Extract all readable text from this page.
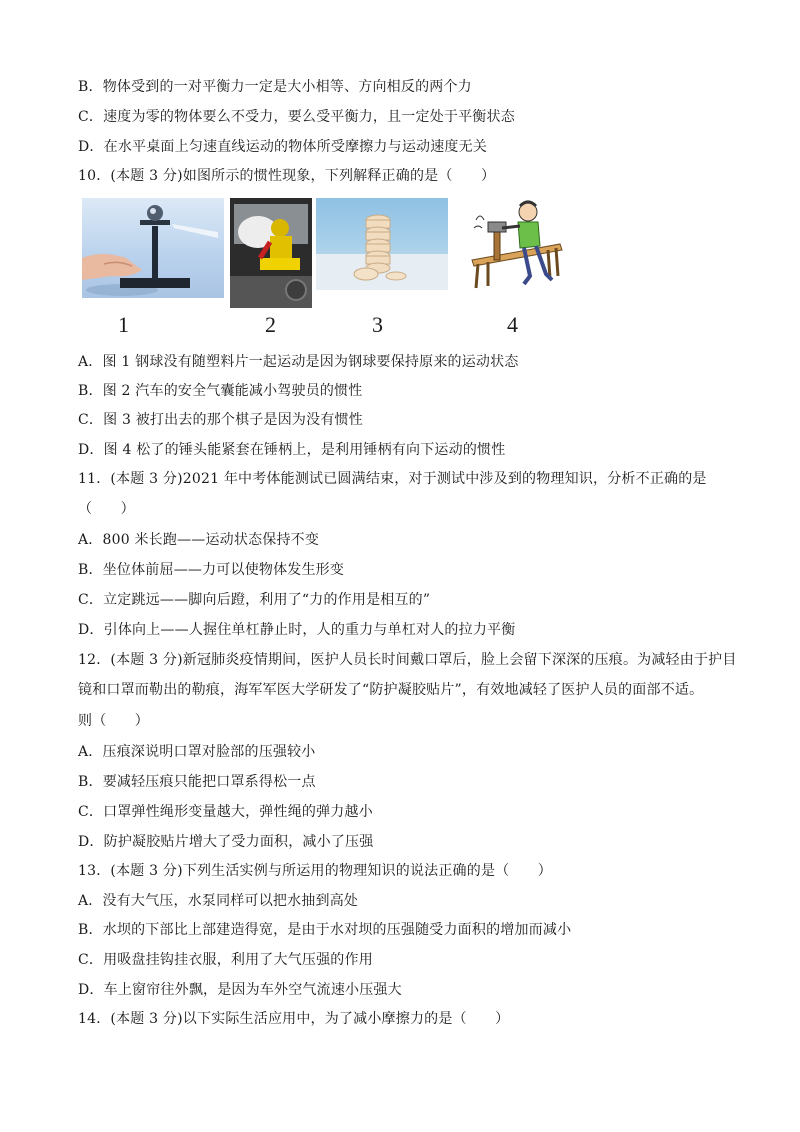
B．物体受到的一对平衡力一定是大小相等、方向相反的两个力
C．速度为零的物体要么不受力，要么受平衡力，且一定处于平衡状态
D．在水平桌面上匀速直线运动的物体所受摩擦力与运动速度无关
10．(本题 3 分)如图所示的惯性现象，下列解释正确的是（　　）
1	2	3	4
A．图 1 钢球没有随塑料片一起运动是因为钢球要保持原来的运动状态
B．图 2 汽车的安全气囊能减小驾驶员的惯性
C．图 3 被打出去的那个棋子是因为没有惯性
D．图 4 松了的锤头能紧套在锤柄上，是利用锤柄有向下运动的惯性
11．(本题 3 分)2021 年中考体能测试已圆满结束，对于测试中涉及到的物理知识，分析不正确的是
（　　）
A．800 米长跑——运动状态保持不变
B．坐位体前屈——力可以使物体发生形变
C．立定跳远——脚向后蹬，利用了“力的作用是相互的”
D．引体向上——人握住单杠静止时，人的重力与单杠对人的拉力平衡
12．(本题 3 分)新冠肺炎疫情期间，医护人员长时间戴口罩后，脸上会留下深深的压痕。为减轻由于护目
镜和口罩而勒出的勒痕，海军军医大学研发了“防护凝胶贴片”，有效地减轻了医护人员的面部不适。
则（　　）
A．压痕深说明口罩对脸部的压强较小
B．要减轻压痕只能把口罩系得松一点
C．口罩弹性绳形变量越大，弹性绳的弹力越小
D．防护凝胶贴片增大了受力面积，减小了压强
13．(本题 3 分)下列生活实例与所运用的物理知识的说法正确的是（　　）
A．没有大气压，水泵同样可以把水抽到高处
B．水坝的下部比上部建造得宽，是由于水对坝的压强随受力面积的增加而减小
C．用吸盘挂钩挂衣服，利用了大气压强的作用
D．车上窗帘往外飘，是因为车外空气流速小压强大
14．(本题 3 分)以下实际生活应用中，为了减小摩擦力的是（　　）
